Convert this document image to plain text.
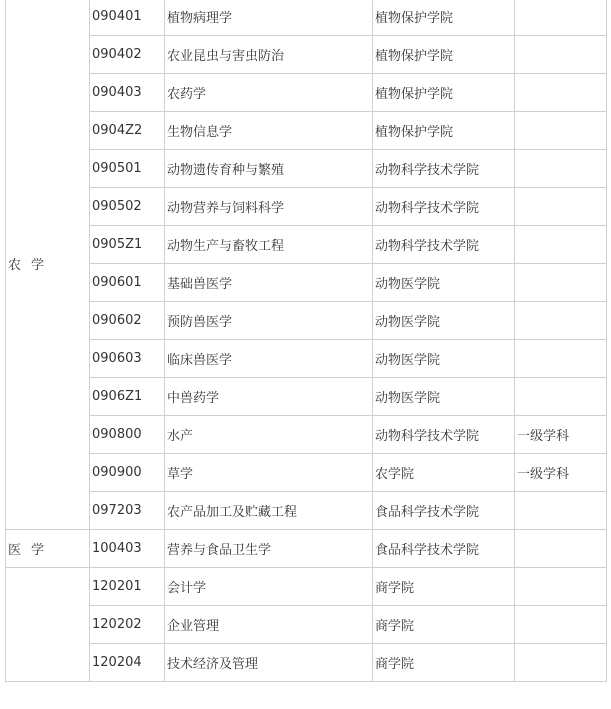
农 学	090401	植物病理学	植物保护学院	
	090402	农业昆虫与害虫防治	植物保护学院	
	090403	农药学	植物保护学院	
	0904Z2	生物信息学	植物保护学院	
	090501	动物遗传育种与繁殖	动物科学技术学院	
	090502	动物营养与饲料科学	动物科学技术学院	
	0905Z1	动物生产与畜牧工程	动物科学技术学院	
	090601	基础兽医学	动物医学院	
	090602	预防兽医学	动物医学院	
	090603	临床兽医学	动物医学院	
	0906Z1	中兽药学	动物医学院	
	090800	水产	动物科学技术学院	一级学科
	090900	草学	农学院	一级学科
	097203	农产品加工及贮藏工程	食品科学技术学院	
医 学	100403	营养与食品卫生学	食品科学技术学院	
	120201	会计学	商学院	
	120202	企业管理	商学院	
	120204	技术经济及管理	商学院	
